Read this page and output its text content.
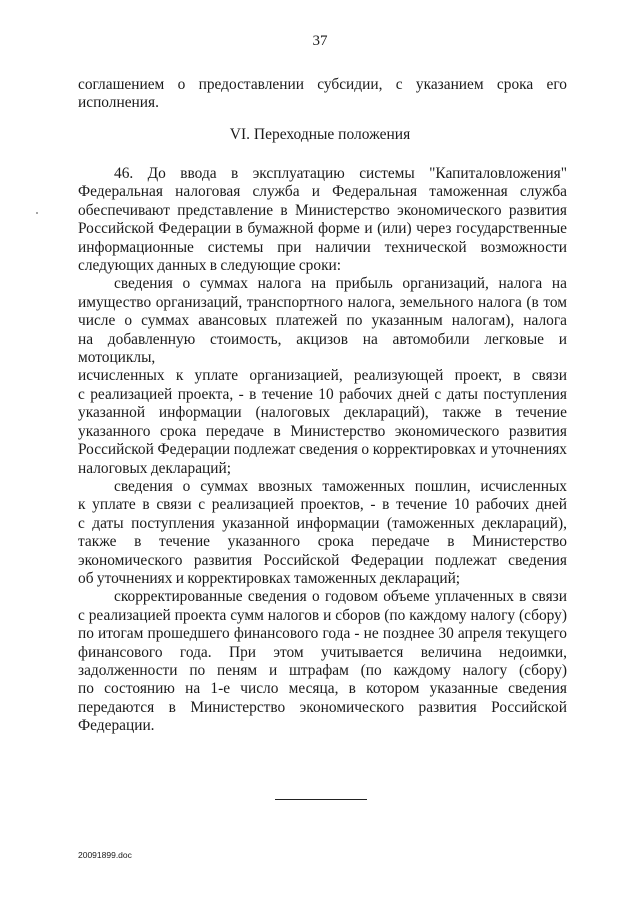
37
соглашением о предоставлении субсидии, с указанием срока его
исполнения.
VI. Переходные положения
46. До ввода в эксплуатацию системы "Капиталовложения"
Федеральная налоговая служба и Федеральная таможенная служба
обеспечивают представление в Министерство экономического развития
Российской Федерации в бумажной форме и (или) через государственные
информационные системы при наличии технической возможности
следующих данных в следующие сроки:
сведения о суммах налога на прибыль организаций, налога на
имущество организаций, транспортного налога, земельного налога (в том
числе о суммах авансовых платежей по указанным налогам), налога
на добавленную стоимость, акцизов на автомобили легковые и мотоциклы,
исчисленных к уплате организацией, реализующей проект, в связи
с реализацией проекта, - в течение 10 рабочих дней с даты поступления
указанной информации (налоговых деклараций), также в течение
указанного срока передаче в Министерство экономического развития
Российской Федерации подлежат сведения о корректировках и уточнениях
налоговых деклараций;
сведения о суммах ввозных таможенных пошлин, исчисленных
к уплате в связи с реализацией проектов, - в течение 10 рабочих дней
с даты поступления указанной информации (таможенных деклараций),
также в течение указанного срока передаче в Министерство
экономического развития Российской Федерации подлежат сведения
об уточнениях и корректировках таможенных деклараций;
скорректированные сведения о годовом объеме уплаченных в связи
с реализацией проекта сумм налогов и сборов (по каждому налогу (сбору)
по итогам прошедшего финансового года - не позднее 30 апреля текущего
финансового года. При этом учитывается величина недоимки,
задолженности по пеням и штрафам (по каждому налогу (сбору)
по состоянию на 1-е число месяца, в котором указанные сведения
передаются в Министерство экономического развития Российской
Федерации.
20091899.doc
